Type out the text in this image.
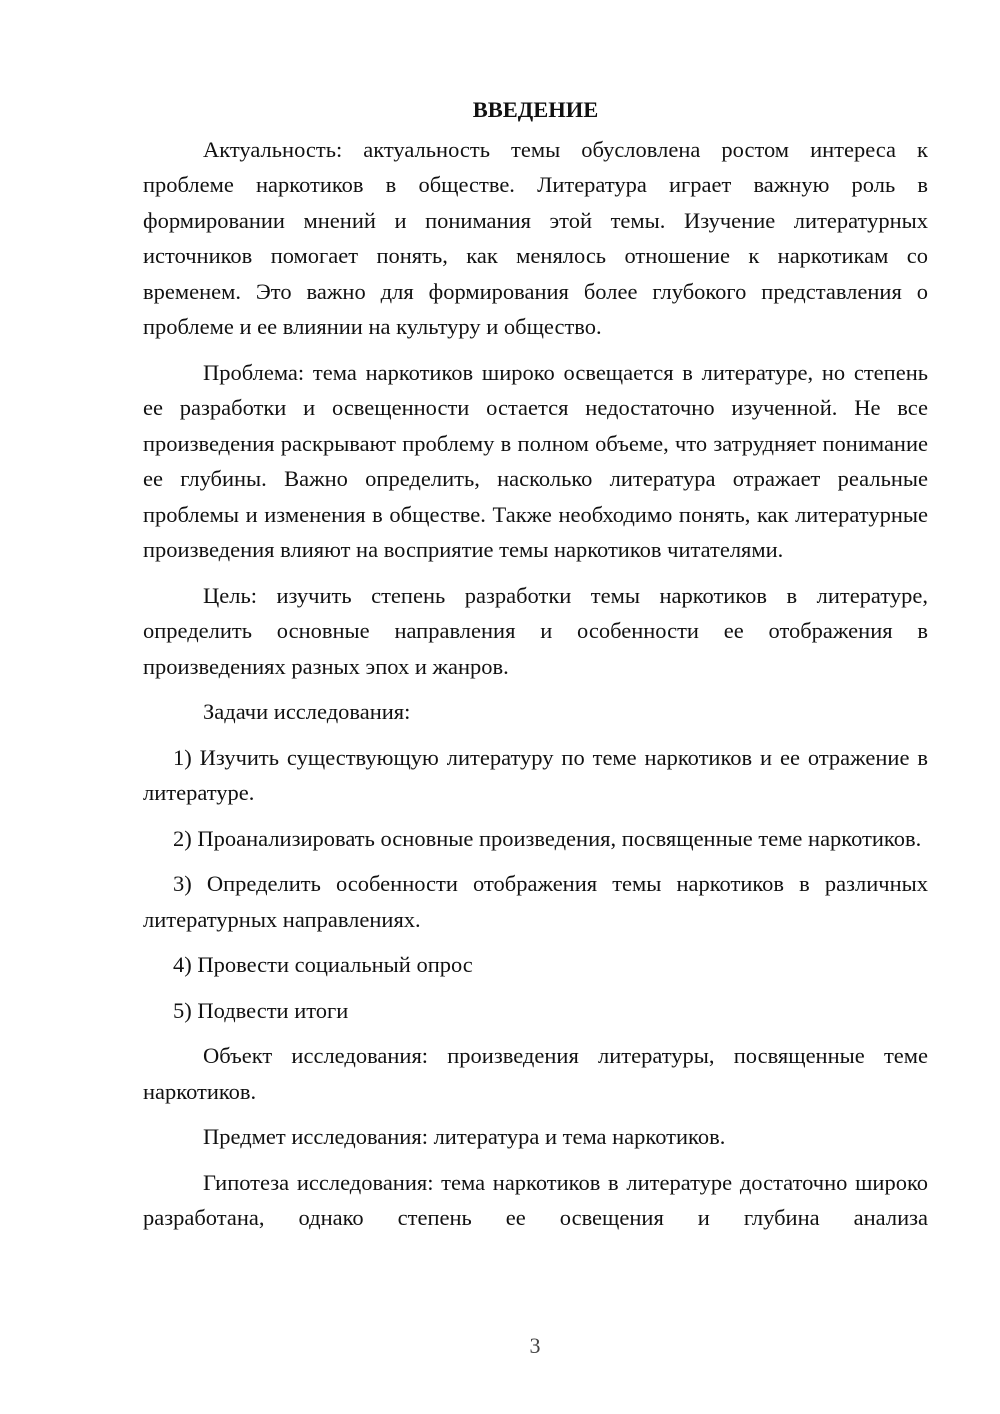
ВВЕДЕНИЕ

Актуальность: актуальность темы обусловлена ростом интереса к проблеме наркотиков в обществе. Литература играет важную роль в формировании мнений и понимания этой темы. Изучение литературных источников помогает понять, как менялось отношение к наркотикам со временем. Это важно для формирования более глубокого представления о проблеме и ее влиянии на культуру и общество.

Проблема: тема наркотиков широко освещается в литературе, но степень ее разработки и освещенности остается недостаточно изученной. Не все произведения раскрывают проблему в полном объеме, что затрудняет понимание ее глубины. Важно определить, насколько литература отражает реальные проблемы и изменения в обществе. Также необходимо понять, как литературные произведения влияют на восприятие темы наркотиков читателями.

Цель: изучить степень разработки темы наркотиков в литературе, определить основные направления и особенности ее отображения в произведениях разных эпох и жанров.

Задачи исследования:

1) Изучить существующую литературу по теме наркотиков и ее отражение в литературе.

2) Проанализировать основные произведения, посвященные теме наркотиков.

3) Определить особенности отображения темы наркотиков в различных литературных направлениях.

4) Провести социальный опрос

5) Подвести итоги

Объект исследования: произведения литературы, посвященные теме наркотиков.

Предмет исследования: литература и тема наркотиков.

Гипотеза исследования: тема наркотиков в литературе достаточно широко разработана, однако степень ее освещения и глубина анализа

3
